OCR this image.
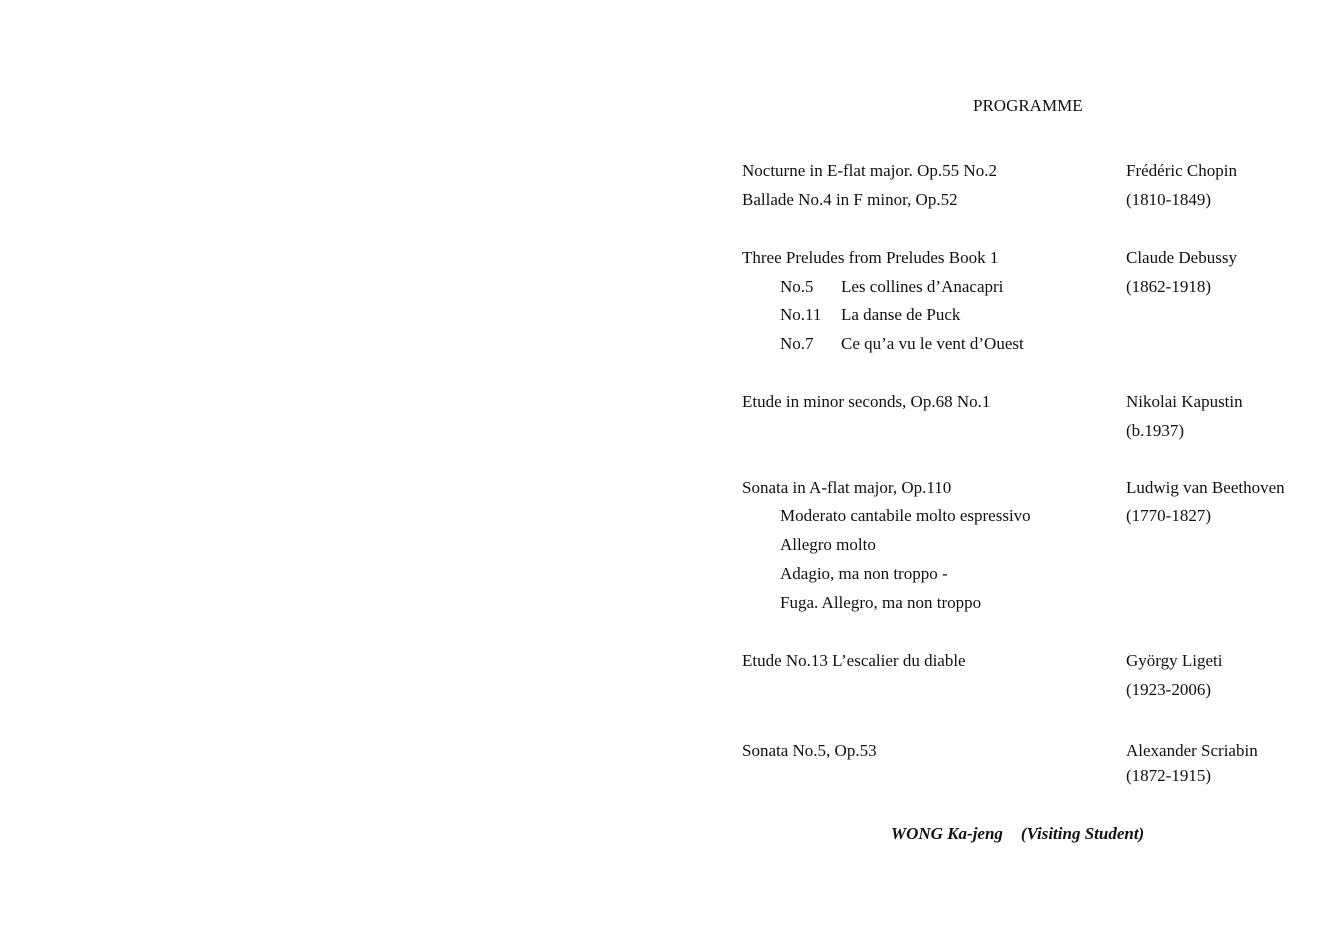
PROGRAMME
Nocturne in E-flat major. Op.55 No.2	Frédéric Chopin
Ballade No.4 in F minor, Op.52	(1810-1849)
Three Preludes from Preludes Book 1	Claude Debussy
No.5 Les collines d’Anacapri	(1862-1918)
No.11 La danse de Puck
No.7 Ce qu’a vu le vent d’Ouest
Etude in minor seconds, Op.68 No.1	Nikolai Kapustin
(b.1937)
Sonata in A-flat major, Op.110	Ludwig van Beethoven
Moderato cantabile molto espressivo	(1770-1827)
Allegro molto
Adagio, ma non troppo -
Fuga. Allegro, ma non troppo
Etude No.13 L’escalier du diable	György Ligeti
(1923-2006)
Sonata No.5, Op.53	Alexander Scriabin
(1872-1915)
WONG Ka-jeng (Visiting Student)
